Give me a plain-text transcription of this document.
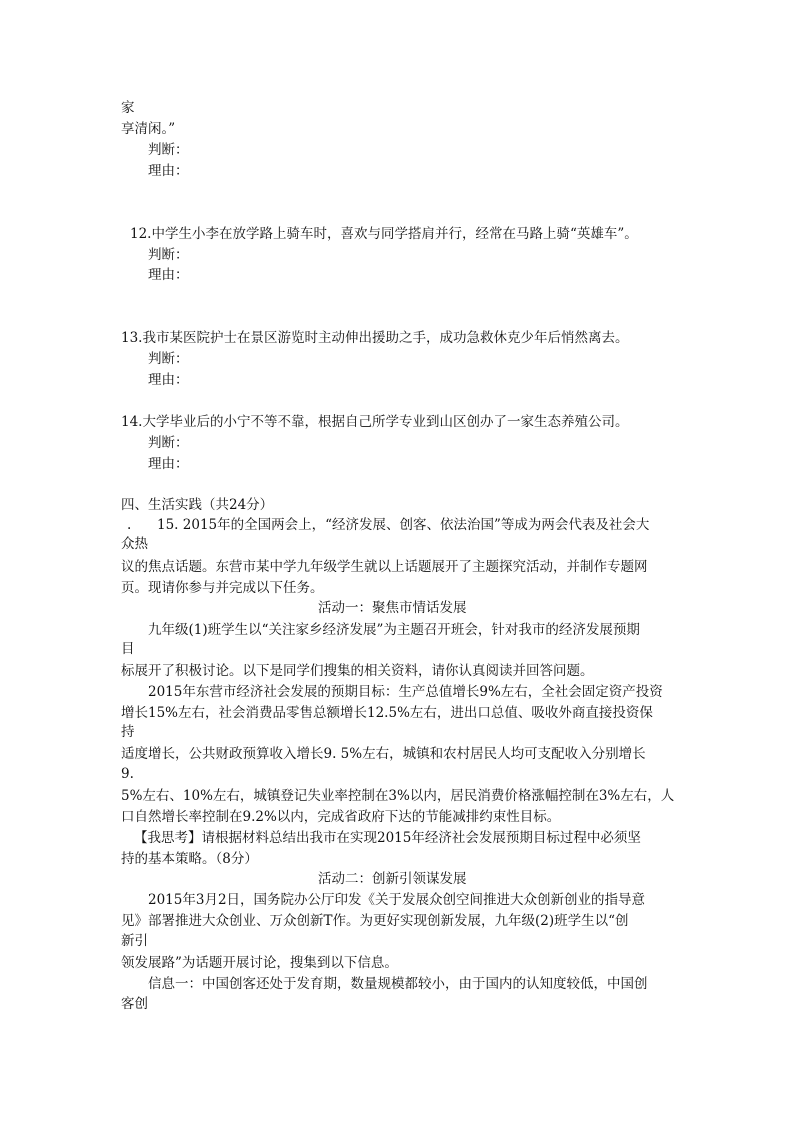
家
享清闲。”
判断：
理由：
12.中学生小李在放学路上骑车时，喜欢与同学搭肩并行，经常在马路上骑“英雄车”。
判断：
理由：
13.我市某医院护士在景区游览时主动伸出援助之手，成功急救休克少年后悄然离去。
判断：
理由：
14.大学毕业后的小宁不等不靠，根据自己所学专业到山区创办了一家生态养殖公司。
判断：
理由：
四、生活实践（共24分）
. 15. 2015年的全国两会上，“经济发展、创客、依法治国”等成为两会代表及社会大
众热
议的焦点话题。东营市某中学九年级学生就以上话题展开了主题探究活动，并制作专题网
页。现请你参与并完成以下任务。
活动一：聚焦市情话发展
九年级(1)班学生以“关注家乡经济发展”为主题召开班会，针对我市的经济发展预期
目
标展开了积极讨论。以下是同学们搜集的相关资料，请你认真阅读并回答问题。
2015年东营市经济社会发展的预期目标：生产总值增长9%左右，全社会固定资产投资
增长15%左右，社会消费品零售总额增长12.5%左右，进出口总值、吸收外商直接投资保
持
适度增长，公共财政预算收入增长9. 5%左右，城镇和农村居民人均可支配收入分别增长
9.
5%左右、10%左右，城镇登记失业率控制在3%以内，居民消费价格涨幅控制在3%左右，人
口自然增长率控制在9.2%以内，完成省政府下达的节能减排约束性目标。
【我思考】请根据材料总结出我市在实现2015年经济社会发展预期目标过程中必须坚
持的基本策略。（8分）
活动二：创新引领谋发展
2015年3月2日，国务院办公厅印发《关于发展众创空间推进大众创新创业的指导意
见》部署推进大众创业、万众创新T作。为更好实现创新发展，九年级(2)班学生以“创
新引
领发展路”为话题开展讨论，搜集到以下信息。
信息一：中国创客还处于发育期，数量规模都较小，由于国内的认知度较低，中国创
客创
